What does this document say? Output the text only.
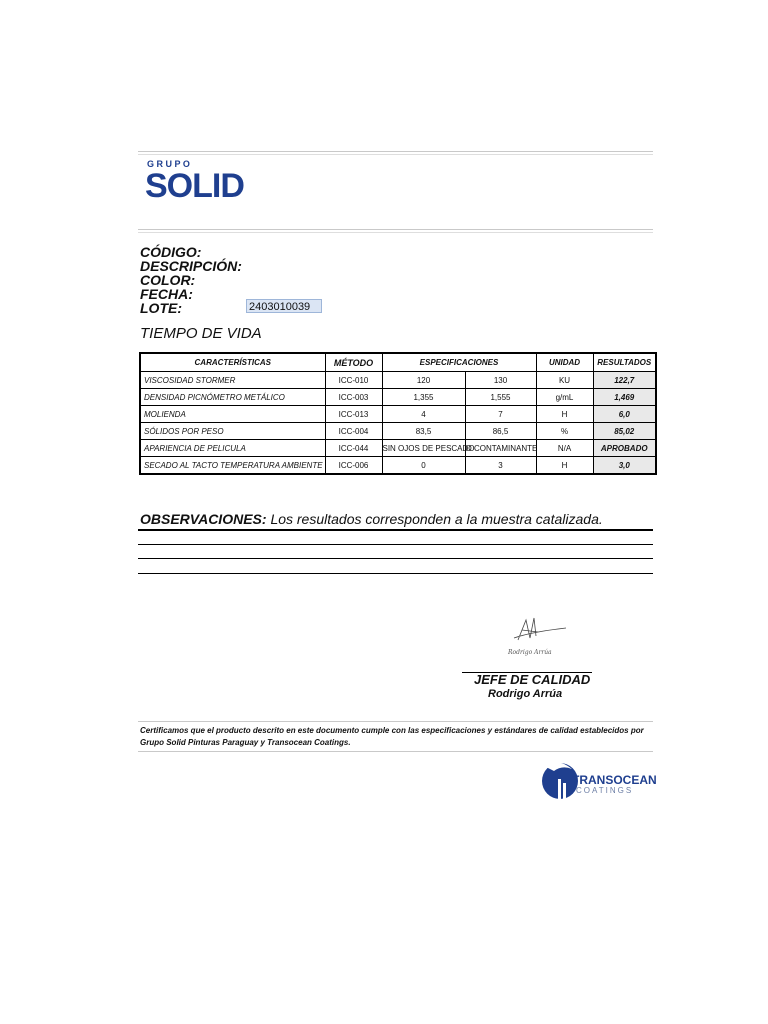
G R U P O
SOLID
CÓDIGO:
DESCRIPCIÓN:
COLOR:
FECHA:
LOTE:	2403010039
TIEMPO DE VIDA
CARACTERÍSTICAS	MÉTODO	ESPECIFICACIONES		UNIDAD	RESULTADOS
VISCOSIDAD STORMER	ICC-010	120	130	KU	122,7
DENSIDAD PICNÓMETRO METÁLICO	ICC-003	1,355	1,555	g/mL	1,469
MOLIENDA	ICC-013	4	7	H	6,0
SÓLIDOS POR PESO	ICC-004	83,5	86,5	%	85,02
APARIENCIA DE PELICULA	ICC-044	SIN OJOS DE PESCADO	O CONTAMINANTE	N/A	APROBADO
SECADO AL TACTO TEMPERATURA AMBIENTE	ICC-006	0	3	H	3,0
OBSERVACIONES: Los resultados corresponden a la muestra catalizada.
Rodrigo Arrúa
JEFE DE CALIDAD
Rodrigo Arrúa
Certificamos que el producto descrito en este documento cumple con las especificaciones y estándares de calidad establecidos por Grupo Solid Pinturas Paraguay y Transocean Coatings.
TRANSOCEAN
COATINGS
